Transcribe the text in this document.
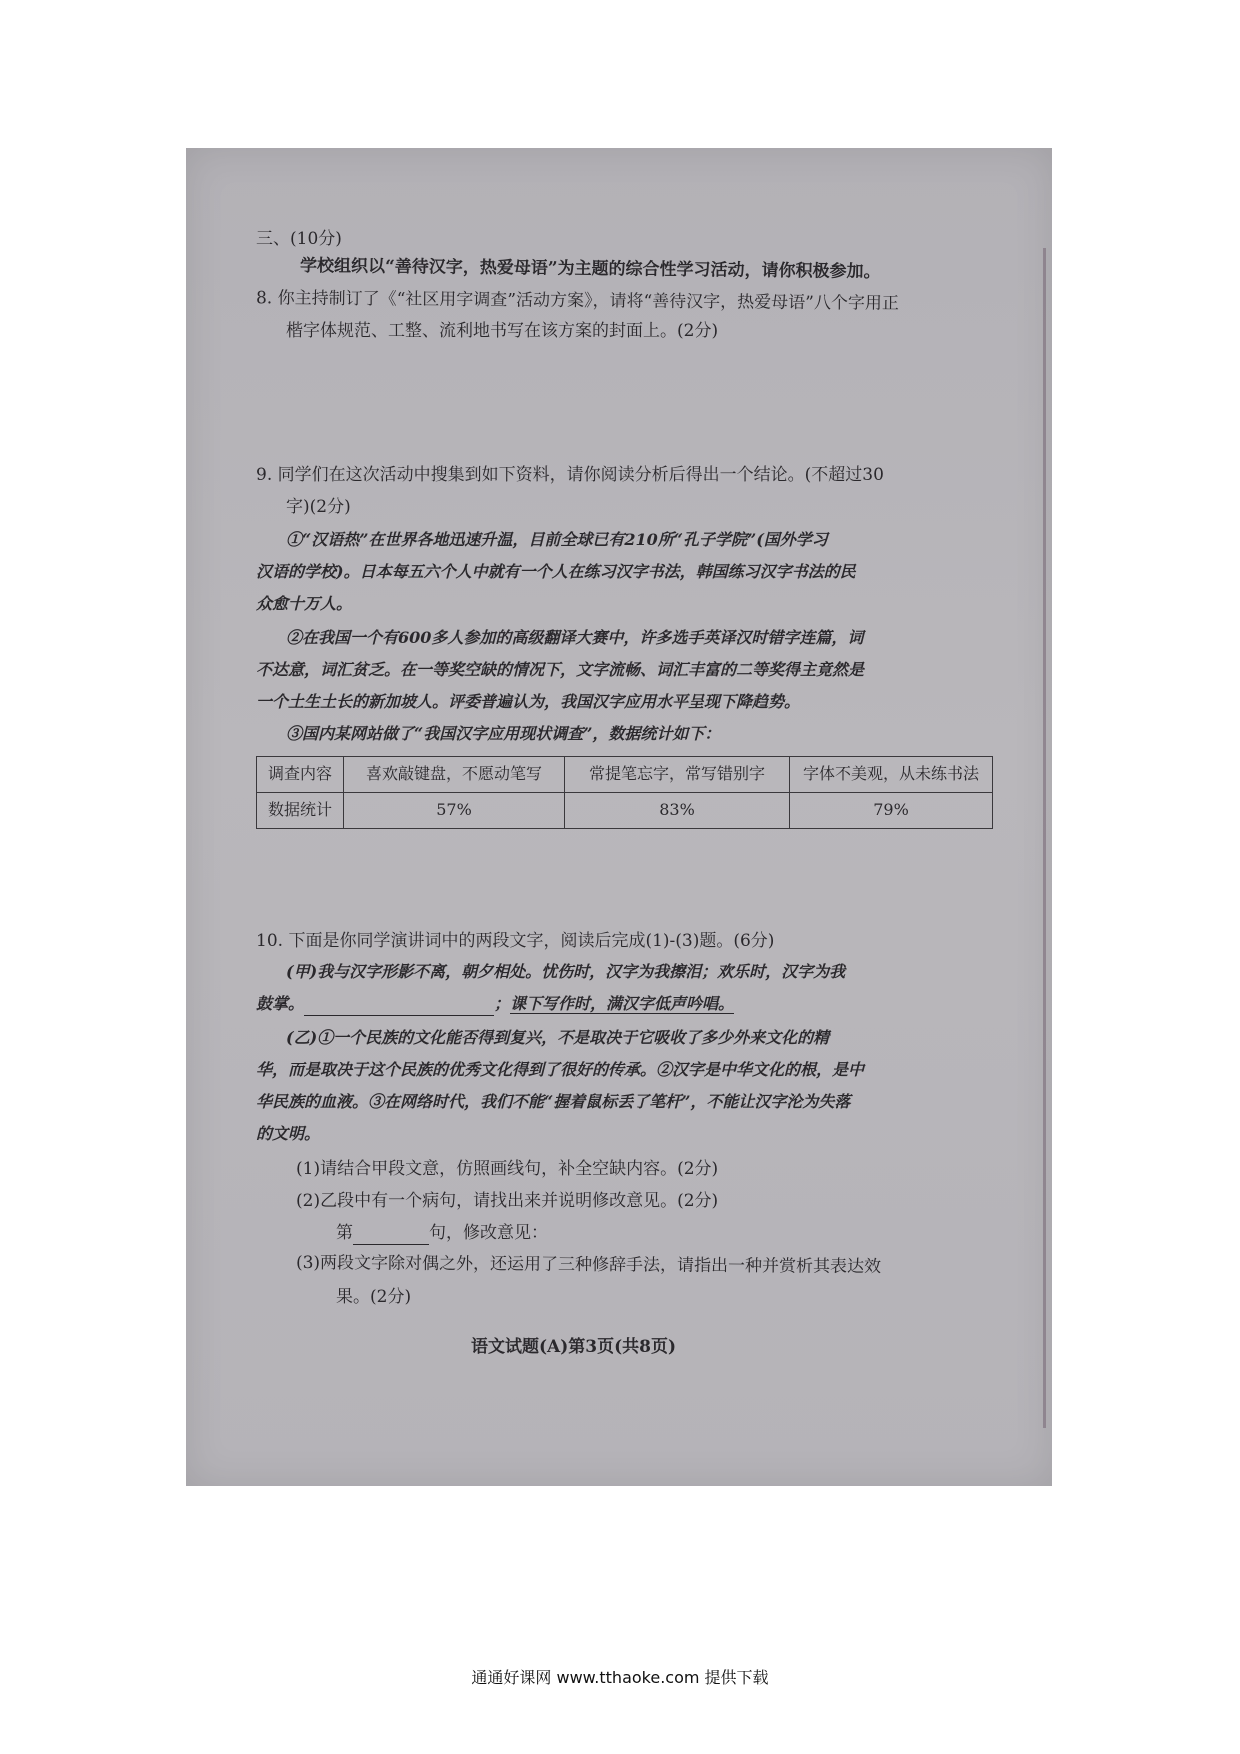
三、(10分)
学校组织以“善待汉字，热爱母语”为主题的综合性学习活动，请你积极参加。
8. 你主持制订了《“社区用字调查”活动方案》，请将“善待汉字，热爱母语”八个字用正
楷字体规范、工整、流利地书写在该方案的封面上。(2分)
9. 同学们在这次活动中搜集到如下资料，请你阅读分析后得出一个结论。(不超过30
字)(2分)
①“汉语热”在世界各地迅速升温，目前全球已有210所“孔子学院”(国外学习
汉语的学校)。日本每五六个人中就有一个人在练习汉字书法，韩国练习汉字书法的民
众愈十万人。
②在我国一个有600多人参加的高级翻译大赛中，许多选手英译汉时错字连篇，词
不达意，词汇贫乏。在一等奖空缺的情况下，文字流畅、词汇丰富的二等奖得主竟然是
一个土生土长的新加坡人。评委普遍认为，我国汉字应用水平呈现下降趋势。
③国内某网站做了“我国汉字应用现状调查”，数据统计如下：
调查内容	喜欢敲键盘，不愿动笔写	常提笔忘字，常写错别字	字体不美观，从未练书法
数据统计	57%	83%	79%
10. 下面是你同学演讲词中的两段文字，阅读后完成(1)-(3)题。(6分)
(甲)我与汉字形影不离，朝夕相处。忧伤时，汉字为我擦泪；欢乐时，汉字为我
鼓掌。	；课下写作时，满汉字低声吟唱。
(乙)①一个民族的文化能否得到复兴，不是取决于它吸收了多少外来文化的精
华，而是取决于这个民族的优秀文化得到了很好的传承。②汉字是中华文化的根，是中
华民族的血液。③在网络时代，我们不能“握着鼠标丢了笔杆”，不能让汉字沦为失落
的文明。
(1)请结合甲段文意，仿照画线句，补全空缺内容。(2分)
(2)乙段中有一个病句，请找出来并说明修改意见。(2分)
第	句，修改意见：
(3)两段文字除对偶之外，还运用了三种修辞手法，请指出一种并赏析其表达效
果。(2分)
语文试题(A)第3页(共8页)
通通好课网 www.tthaoke.com 提供下载
